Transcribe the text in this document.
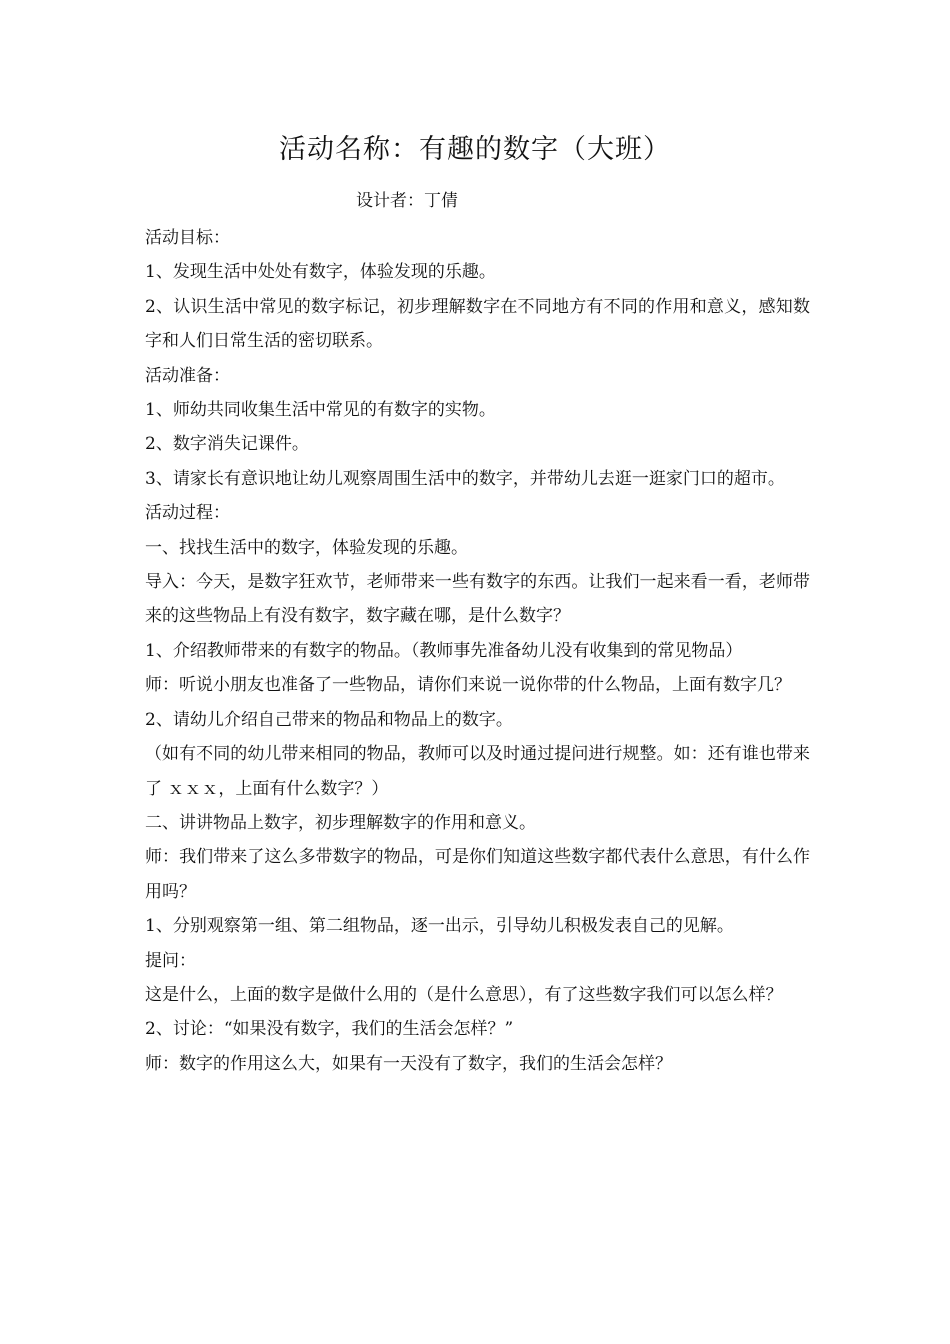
活动名称：有趣的数字（大班）
设计者：丁倩

活动目标：

1、发现生活中处处有数字，体验发现的乐趣。

2、认识生活中常见的数字标记，初步理解数字在不同地方有不同的作用和意义，感知数字和人们日常生活的密切联系。

活动准备：

1、师幼共同收集生活中常见的有数字的实物。

2、数字消失记课件。

3、请家长有意识地让幼儿观察周围生活中的数字，并带幼儿去逛一逛家门口的超市。

活动过程：

一、找找生活中的数字，体验发现的乐趣。

导入：今天，是数字狂欢节，老师带来一些有数字的东西。让我们一起来看一看，老师带来的这些物品上有没有数字，数字藏在哪，是什么数字？

1、介绍教师带来的有数字的物品。（教师事先准备幼儿没有收集到的常见物品）

师：听说小朋友也准备了一些物品，请你们来说一说你带的什么物品，上面有数字几？

2、请幼儿介绍自己带来的物品和物品上的数字。

（如有不同的幼儿带来相同的物品，教师可以及时通过提问进行规整。如：还有谁也带来了 ｘｘｘ，上面有什么数字？）

二、讲讲物品上数字，初步理解数字的作用和意义。

师：我们带来了这么多带数字的物品，可是你们知道这些数字都代表什么意思，有什么作用吗？

1、分别观察第一组、第二组物品，逐一出示，引导幼儿积极发表自己的见解。

提问：

这是什么，上面的数字是做什么用的（是什么意思），有了这些数字我们可以怎么样？

2、讨论：“如果没有数字，我们的生活会怎样？”

师：数字的作用这么大，如果有一天没有了数字，我们的生活会怎样？
